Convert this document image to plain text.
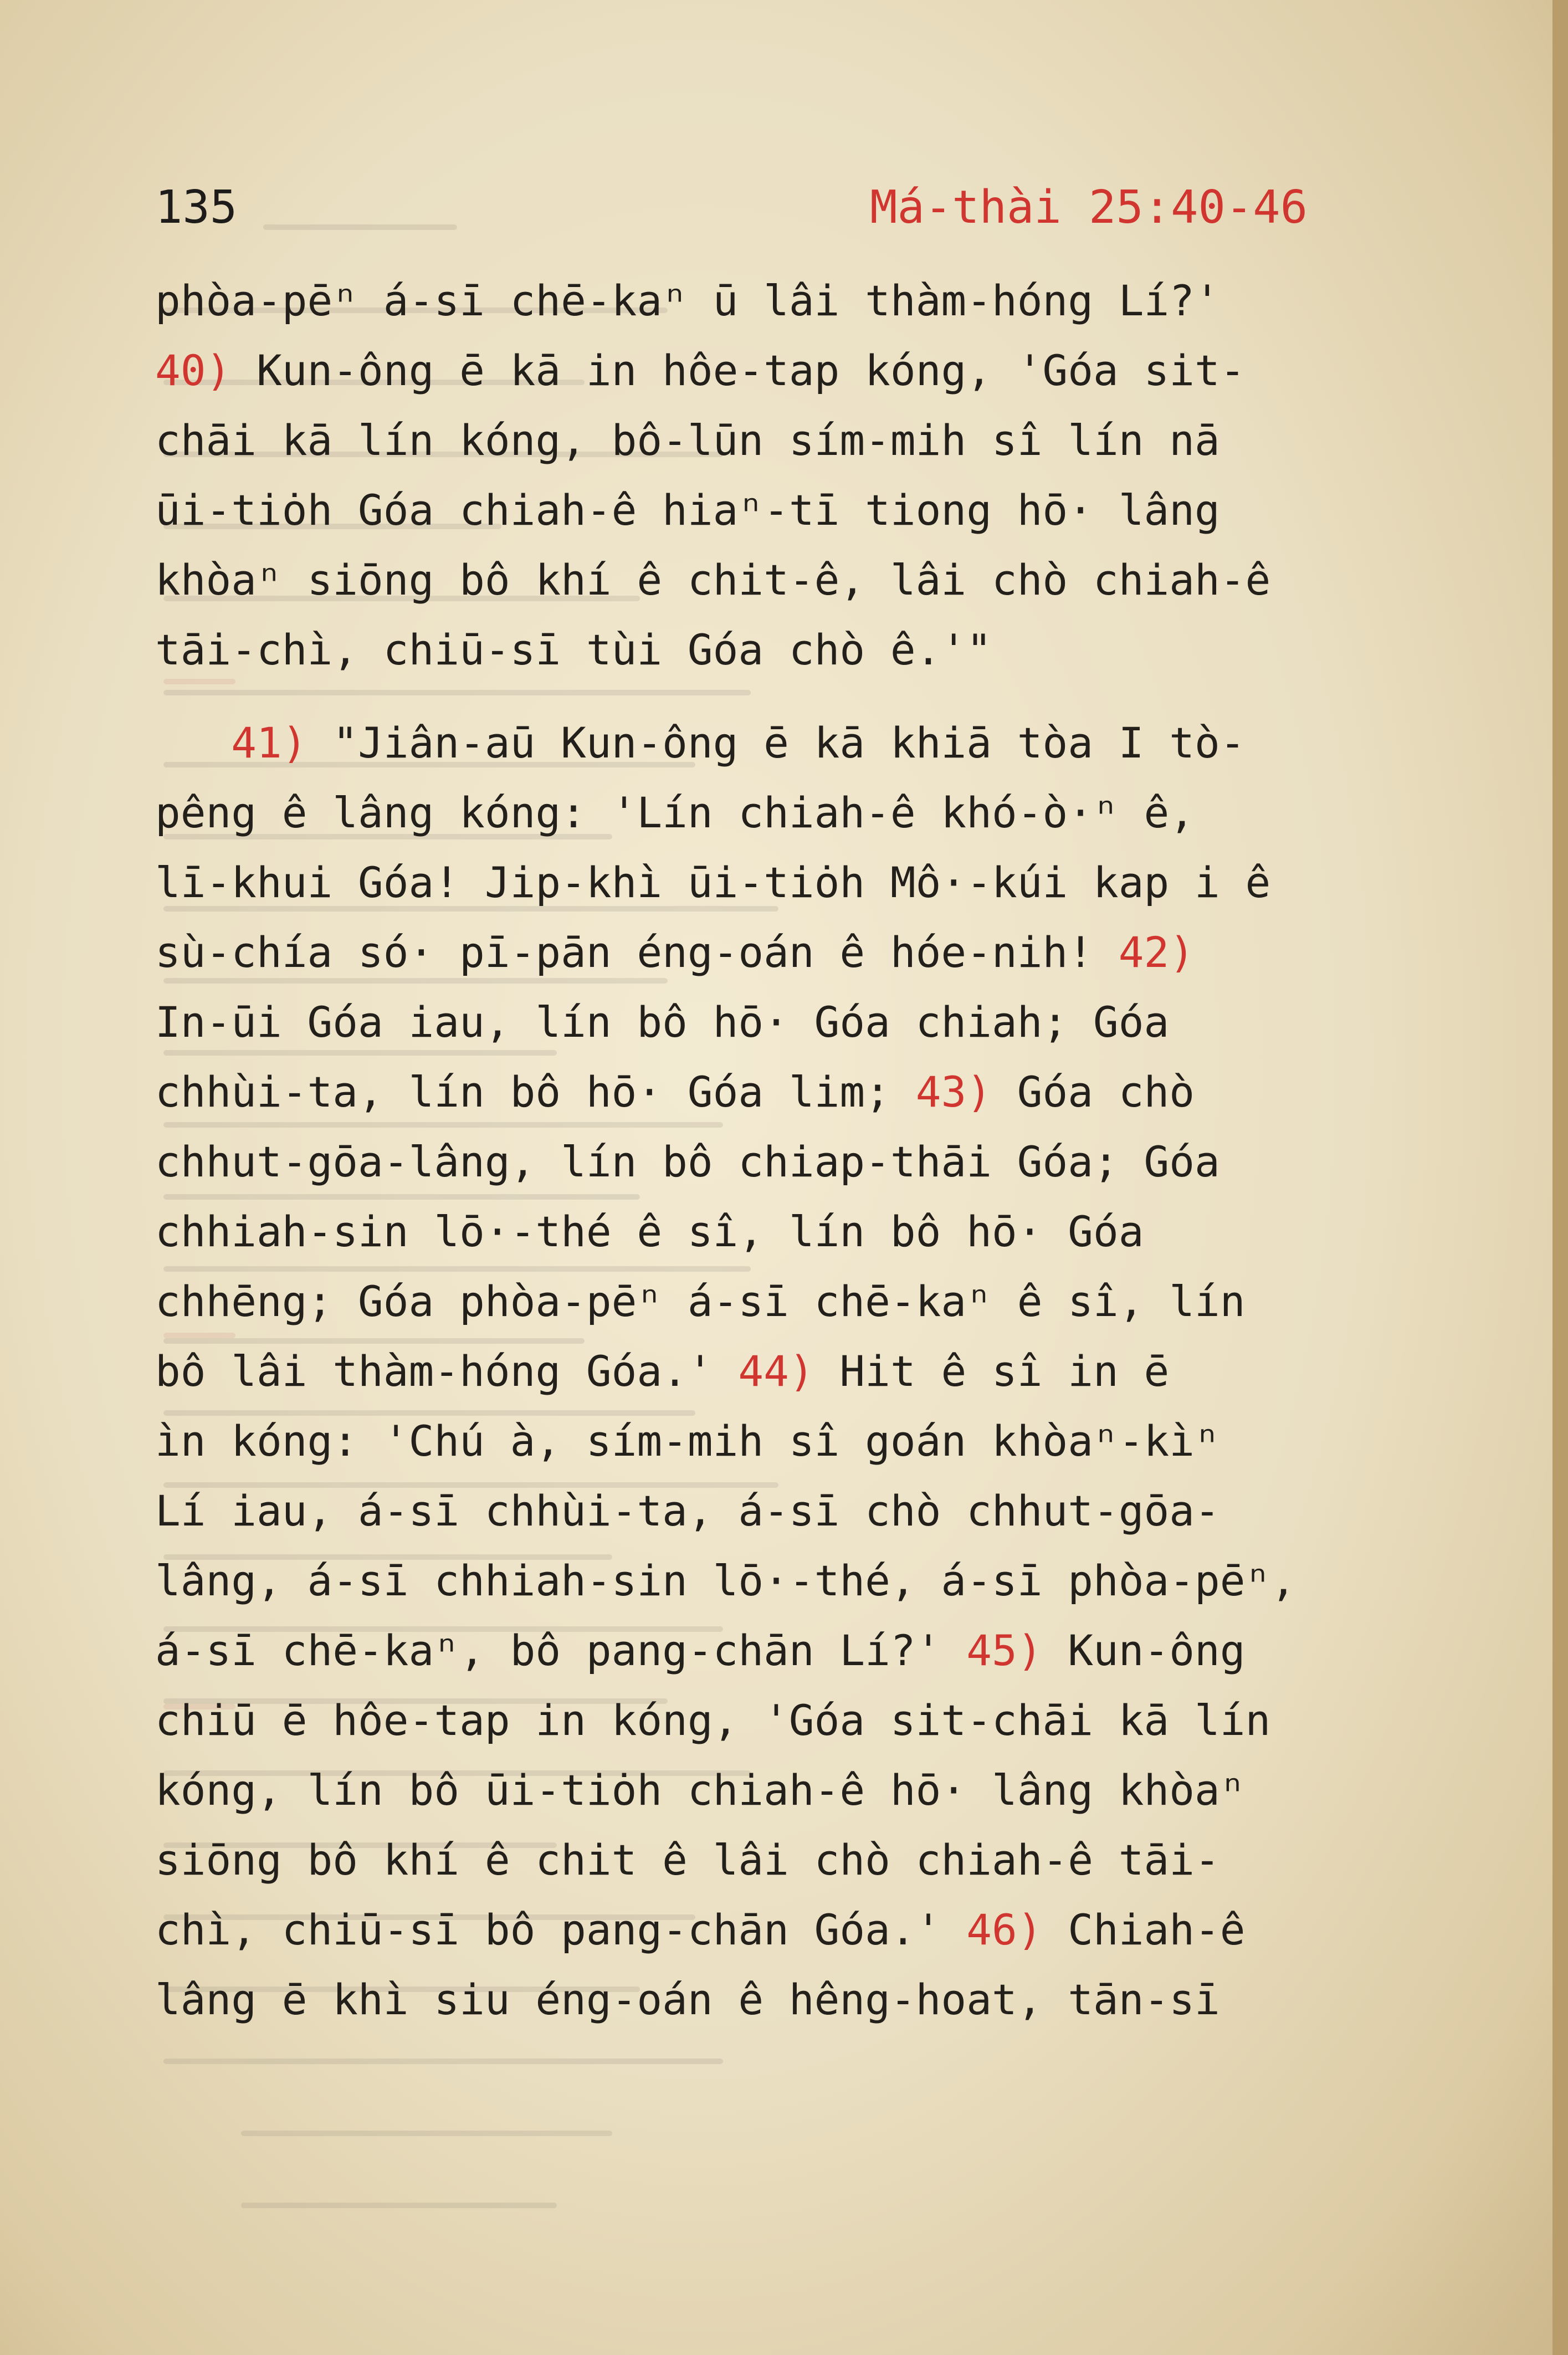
135	Má-thài 25:40-46
phòa-pēⁿ á-sī chē-kaⁿ ū lâi thàm-hóng Lí?'
40) Kun-ông ē kā in hôe-tap kóng, 'Góa sit-
chāi kā lín kóng, bô-lūn sím-mih sî lín nā
ūi-tiȯh Góa chiah-ê hiaⁿ-tī tiong hō· lâng
khòaⁿ siōng bô khí ê chit-ê, lâi chò chiah-ê
tāi-chì, chiū-sī tùi Góa chò ê.'"
41) "Jiân-aū Kun-ông ē kā khiā tòa I tò-
pêng ê lâng kóng: 'Lín chiah-ê khó-ò·ⁿ ê,
lī-khui Góa! Jip-khì ūi-tiȯh Mô·-kúi kap i ê
sù-chía só· pī-pān éng-oán ê hóe-nih! 42)
In-ūi Góa iau, lín bô hō· Góa chiah; Góa
chhùi-ta, lín bô hō· Góa lim; 43) Góa chò
chhut-gōa-lâng, lín bô chiap-thāi Góa; Góa
chhiah-sin lō·-thé ê sî, lín bô hō· Góa
chhēng; Góa phòa-pēⁿ á-sī chē-kaⁿ ê sî, lín
bô lâi thàm-hóng Góa.' 44) Hit ê sî in ē
ìn kóng: 'Chú à, sím-mih sî goán khòaⁿ-kìⁿ
Lí iau, á-sī chhùi-ta, á-sī chò chhut-gōa-
lâng, á-sī chhiah-sin lō·-thé, á-sī phòa-pēⁿ,
á-sī chē-kaⁿ, bô pang-chān Lí?' 45) Kun-ông
chiū ē hôe-tap in kóng, 'Góa sit-chāi kā lín
kóng, lín bô ūi-tiȯh chiah-ê hō· lâng khòaⁿ
siōng bô khí ê chit ê lâi chò chiah-ê tāi-
chì, chiū-sī bô pang-chān Góa.' 46) Chiah-ê
lâng ē khì siu éng-oán ê hêng-hoat, tān-sī
